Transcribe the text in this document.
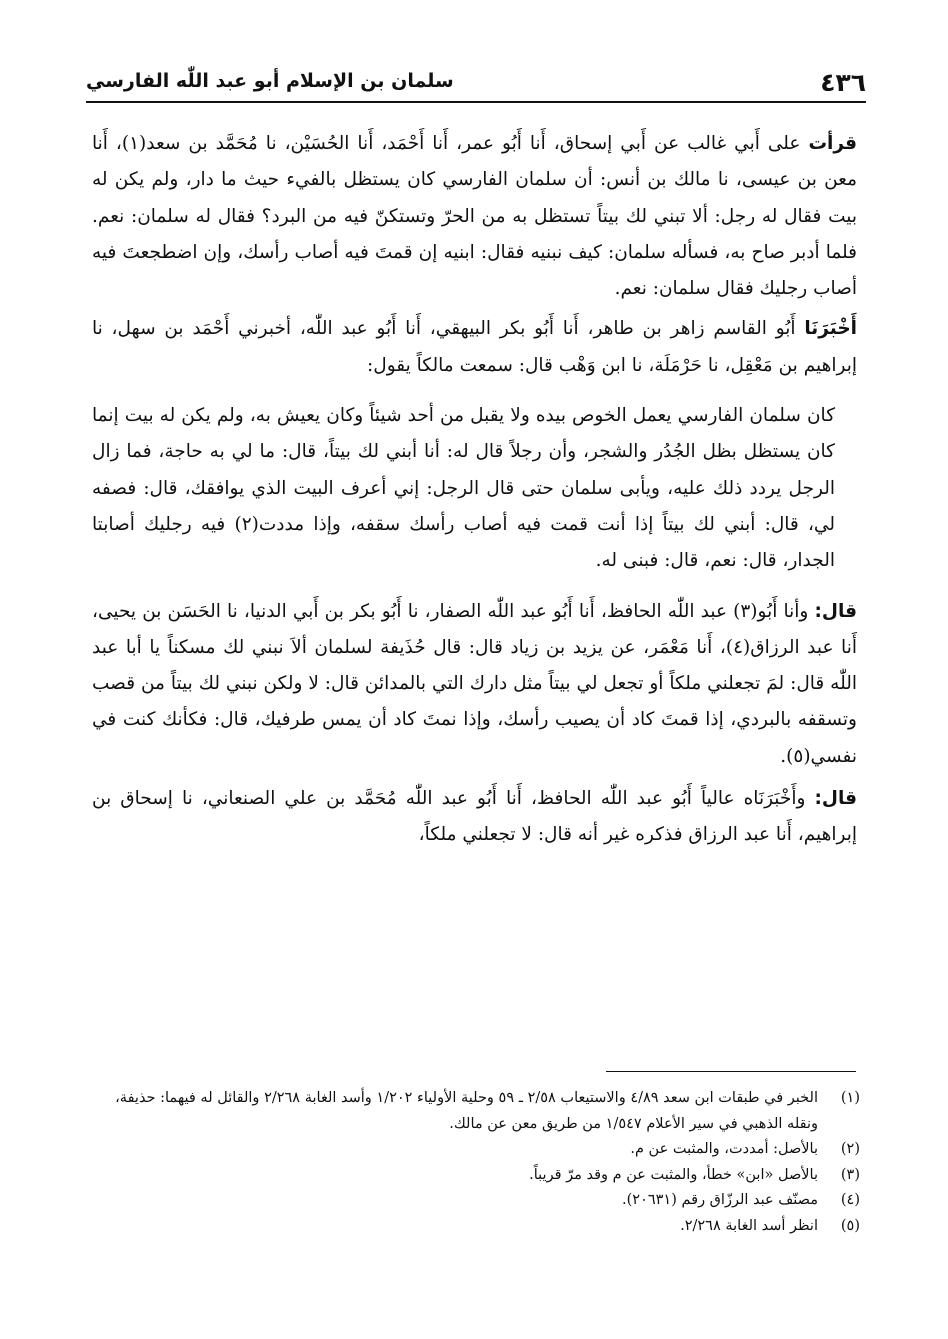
٤٣٦
سلمان بن الإسلام أبو عبد اللّٰه الفارسي

قرأت على أَبي غالب عن أَبي إسحاق، أَنا أَبُو عمر، أَنا أَحْمَد، أَنا الحُسَيْن، نا مُحَمَّد بن سعد(١)، أَنا معن بن عيسى، نا مالك بن أنس: أن سلمان الفارسي كان يستظل بالفيء حيث ما دار، ولم يكن له بيت فقال له رجل: ألا تبني لك بيتاً تستظل به من الحرّ وتستكنّ فيه من البرد؟ فقال له سلمان: نعم. فلما أدبر صاح به، فسأله سلمان: كيف نبنيه فقال: ابنيه إن قمتَ فيه أصاب رأسك، وإن اضطجعتَ فيه أصاب رجليك فقال سلمان: نعم.

أَخْبَرَنَا أَبُو القاسم زاهر بن طاهر، أَنا أَبُو بكر البيهقي، أَنا أَبُو عبد اللّٰه، أخبرني أَحْمَد بن سهل، نا إبراهيم بن مَعْقِل، نا حَرْمَلَة، نا ابن وَهْب قال: سمعت مالكاً يقول:

كان سلمان الفارسي يعمل الخوص بيده ولا يقبل من أحد شيئاً وكان يعيش به، ولم يكن له بيت إنما كان يستظل بظل الجُدُر والشجر، وأن رجلاً قال له: أنا أبني لك بيتاً، قال: ما لي به حاجة، فما زال الرجل يردد ذلك عليه، ويأبى سلمان حتى قال الرجل: إني أعرف البيت الذي يوافقك، قال: فصفه لي، قال: أبني لك بيتاً إذا أنت قمت فيه أصاب رأسك سقفه، وإذا مددت(٢) فيه رجليك أصابتا الجدار، قال: نعم، قال: فبنى له.

قال: وأنا أَبُو(٣) عبد اللّٰه الحافظ، أَنا أَبُو عبد اللّٰه الصفار، نا أَبُو بكر بن أَبي الدنيا، نا الحَسَن بن يحيى، أَنا عبد الرزاق(٤)، أَنا مَعْمَر، عن يزيد بن زياد قال: قال حُذَيفة لسلمان ألاَ نبني لك مسكناً يا أبا عبد اللّٰه قال: لمَ تجعلني ملكاً أو تجعل لي بيتاً مثل دارك التي بالمدائن قال: لا ولكن نبني لك بيتاً من قصب وتسقفه بالبردي، إذا قمتَ كاد أن يصيب رأسك، وإذا نمتَ كاد أن يمس طرفيك، قال: فكأنك كنت في نفسي(٥).

قال: وأَخْبَرَنَاه عالياً أَبُو عبد اللّٰه الحافظ، أَنا أَبُو عبد اللّٰه مُحَمَّد بن علي الصنعاني، نا إسحاق بن إبراهيم، أَنا عبد الرزاق فذكره غير أنه قال: لا تجعلني ملكاً،

(١)
الخبر في طبقات ابن سعد ٤/٨٩ والاستيعاب ٢/٥٨ ـ ٥٩ وحلية الأولياء ١/٢٠٢ وأسد الغابة ٢/٢٦٨ والقائل له فيهما: حذيفة، ونقله الذهبي في سير الأعلام ١/٥٤٧ من طريق معن عن مالك.
(٢)
بالأصل: أمددت، والمثبت عن م.
(٣)
بالأصل «ابن» خطأ، والمثبت عن م وقد مرّ قريباً.
(٤)
مصنّف عبد الرزّاق رقم (٢٠٦٣١).
(٥)
انظر أسد الغابة ٢/٢٦٨.
